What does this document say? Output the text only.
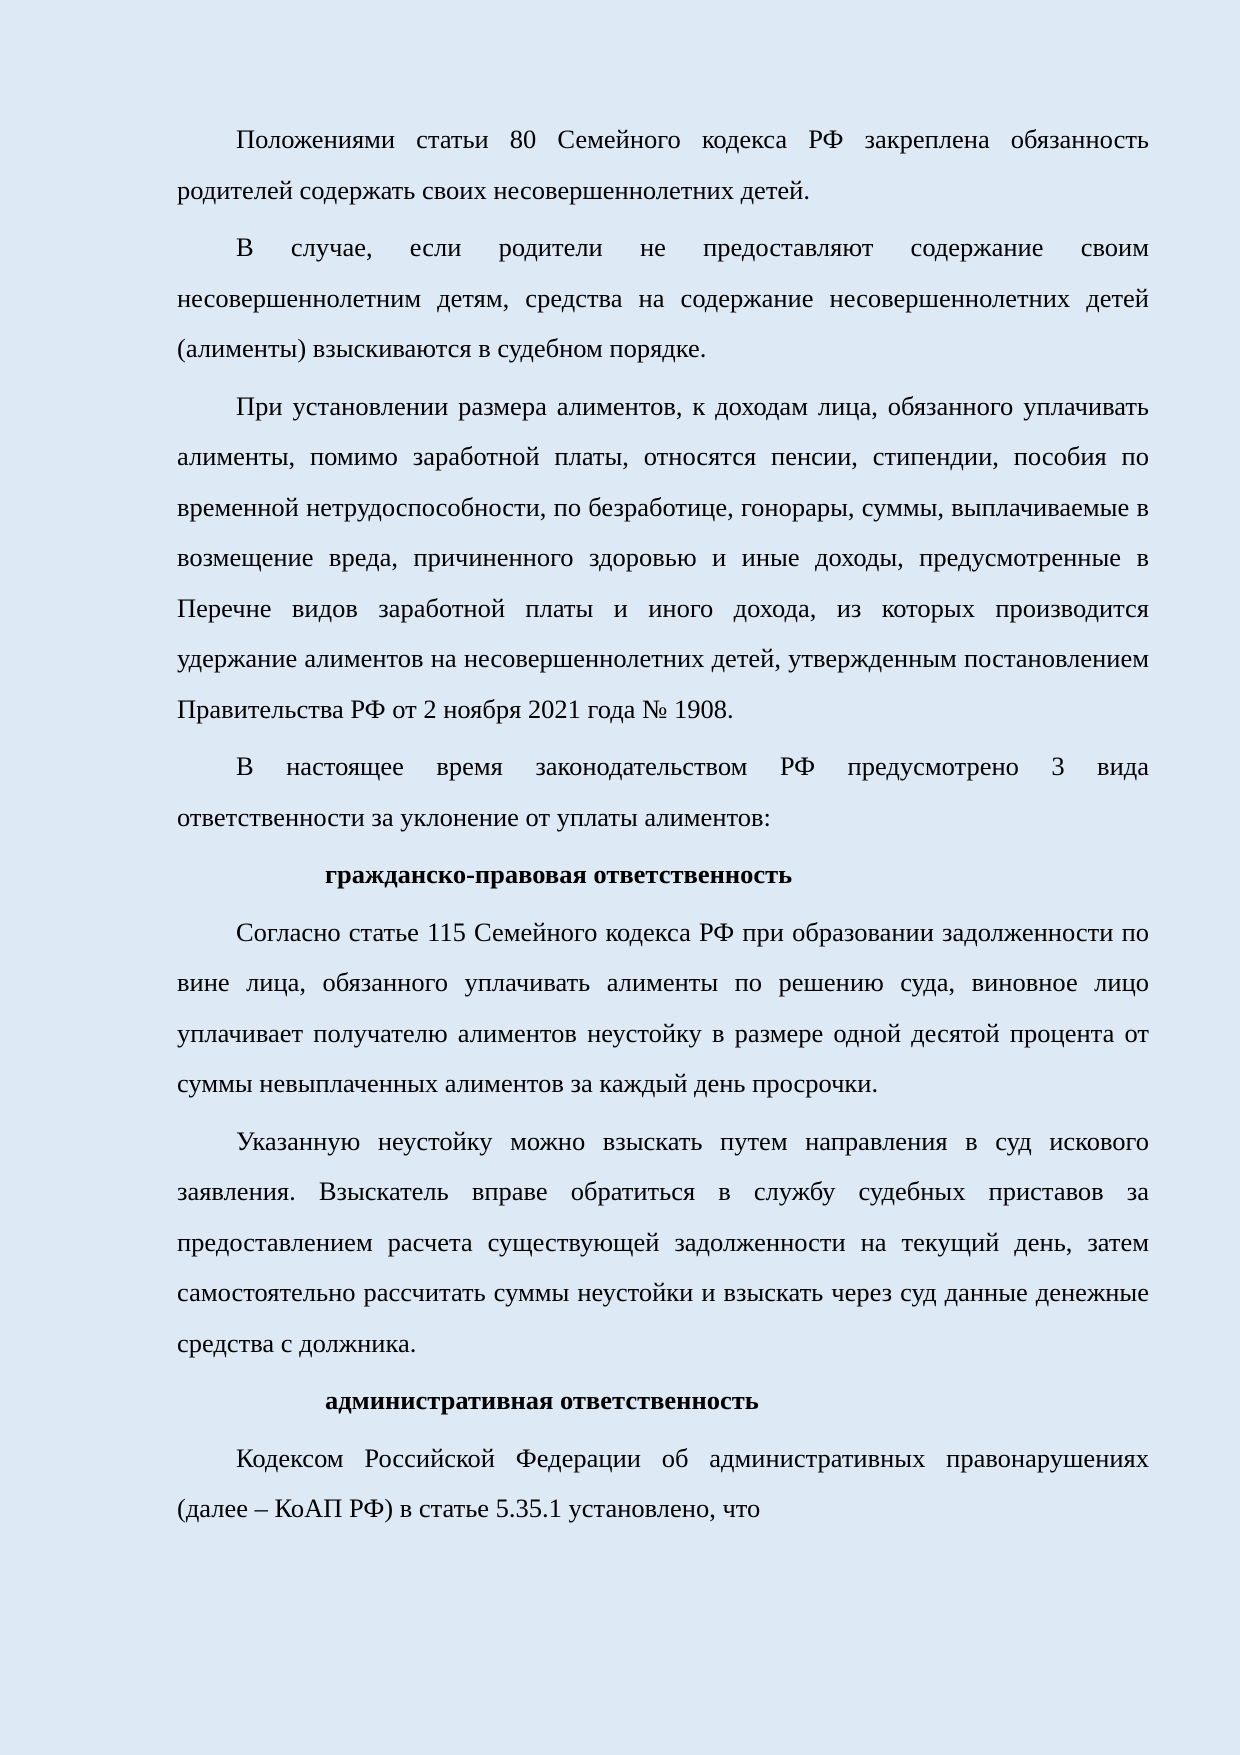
Положениями статьи 80 Семейного кодекса РФ закреплена обязанность родителей содержать своих несовершеннолетних детей.

В случае, если родители не предоставляют содержание своим несовершеннолетним детям, средства на содержание несовершеннолетних детей (алименты) взыскиваются в судебном порядке.

При установлении размера алиментов, к доходам лица, обязанного уплачивать алименты, помимо заработной платы, относятся пенсии, стипендии, пособия по временной нетрудоспособности, по безработице, гонорары, суммы, выплачиваемые в возмещение вреда, причиненного здоровью и иные доходы, предусмотренные в Перечне видов заработной платы и иного дохода, из которых производится удержание алиментов на несовершеннолетних детей, утвержденным постановлением Правительства РФ от 2 ноября 2021 года № 1908.

В настоящее время законодательством РФ предусмотрено 3 вида ответственности за уклонение от уплаты алиментов:

гражданско-правовая ответственность

Согласно статье 115 Семейного кодекса РФ при образовании задолженности по вине лица, обязанного уплачивать алименты по решению суда, виновное лицо уплачивает получателю алиментов неустойку в размере одной десятой процента от суммы невыплаченных алиментов за каждый день просрочки.

Указанную неустойку можно взыскать путем направления в суд искового заявления. Взыскатель вправе обратиться в службу судебных приставов за предоставлением расчета существующей задолженности на текущий день, затем самостоятельно рассчитать суммы неустойки и взыскать через суд данные денежные средства с должника.

административная ответственность

Кодексом Российской Федерации об административных правонарушениях (далее – КоАП РФ) в статье 5.35.1 установлено, что
